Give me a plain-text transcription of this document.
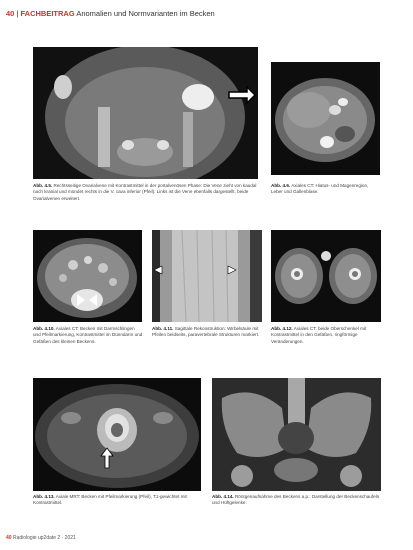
40 | FACHBEITRAG Anomalien und Normvarianten im Becken
Abb. 4.5. Rechtsseitige Ovarialvene mit Kontrastmittel in der portalvenösen Phase: Die Vene zieht von kaudal nach kranial und mündet rechts in die V. cava inferior (Pfeil). Links ist die Vene ebenfalls dargestellt, beide Ovarialvenen erweitert.
Abb. 4.6. Axiales CT: Hiatus- und Magenregion, Leber und Gallenblase.
Abb. 4.10. Axiales CT: Becken mit Darmschlingen und Pfeilmarkierung, Kontrastmittel im Dünndarm und Gefäßen des kleinen Beckens.
Abb. 4.11. Sagittale Rekonstruktion: Wirbelsäule mit Pfeilen beidseits, paravertebrale Strukturen markiert.
Abb. 4.12. Axiales CT: beide Oberschenkel mit Kontrastmittel in den Gefäßen, ringförmige Veränderungen.
Abb. 4.13. Axiale MRT: Becken mit Pfeilmarkierung (Pfeil), T1-gewichtet mit Kontrastmittel.
Abb. 4.14. Röntgenaufnahme des Beckens a.p.: Darstellung der Beckenschaufeln und Hüftgelenke.
40 Radiologie up2date 2 · 2021
